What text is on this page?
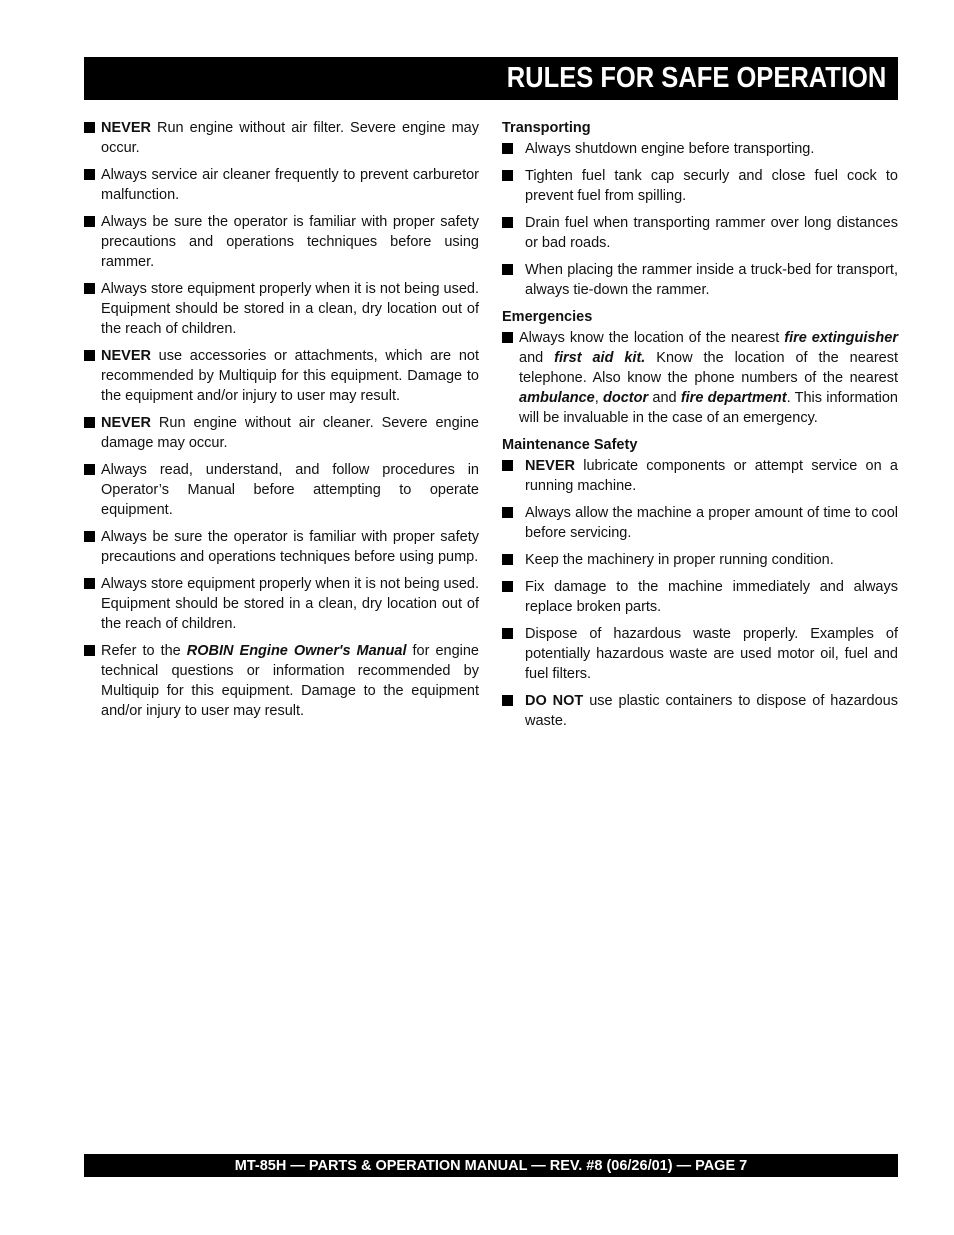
RULES FOR SAFE OPERATION
NEVER Run engine without air filter. Severe engine may occur.
Always service air cleaner frequently to prevent carburetor malfunction.
Always be sure the operator is familiar with proper safety precautions and operations techniques before using rammer.
Always store equipment properly when it is not being used. Equipment should be stored in a clean, dry location out of the reach of children.
NEVER use accessories or attachments, which are not recommended by Multiquip for this equipment. Damage to the equipment and/or injury to user may result.
NEVER Run engine without air cleaner. Severe engine damage may occur.
Always read, understand, and follow procedures in Operator’s Manual before attempting to operate equipment.
Always be sure the operator is familiar with proper safety precautions and operations techniques before using pump.
Always store equipment properly when it is not being used. Equipment should be stored in a clean, dry location out of the reach of children.
Refer to the ROBIN Engine Owner's Manual for engine technical questions or information recommended by Multiquip for this equipment. Damage to the equipment and/or injury to user may result.
Transporting
Always shutdown engine before transporting.
Tighten fuel tank cap securly and close fuel cock to prevent fuel from spilling.
Drain fuel when transporting rammer over long distances or bad roads.
When placing the rammer inside a truck-bed for transport, always tie-down the rammer.
Emergencies
Always know the location of the nearest fire extinguisher and first aid kit. Know the location of the nearest telephone. Also know the phone numbers of the nearest ambulance, doctor and fire department. This information will be invaluable in the case of an emergency.
Maintenance Safety
NEVER lubricate components or attempt service on a running machine.
Always allow the machine a proper amount of time to cool before servicing.
Keep the machinery in proper running condition.
Fix damage to the machine immediately and always replace broken parts.
Dispose of hazardous waste properly. Examples of potentially hazardous waste are used motor oil, fuel and fuel filters.
DO NOT use plastic containers to dispose of hazardous waste.
MT-85H — PARTS & OPERATION MANUAL — REV. #8 (06/26/01) — PAGE 7
